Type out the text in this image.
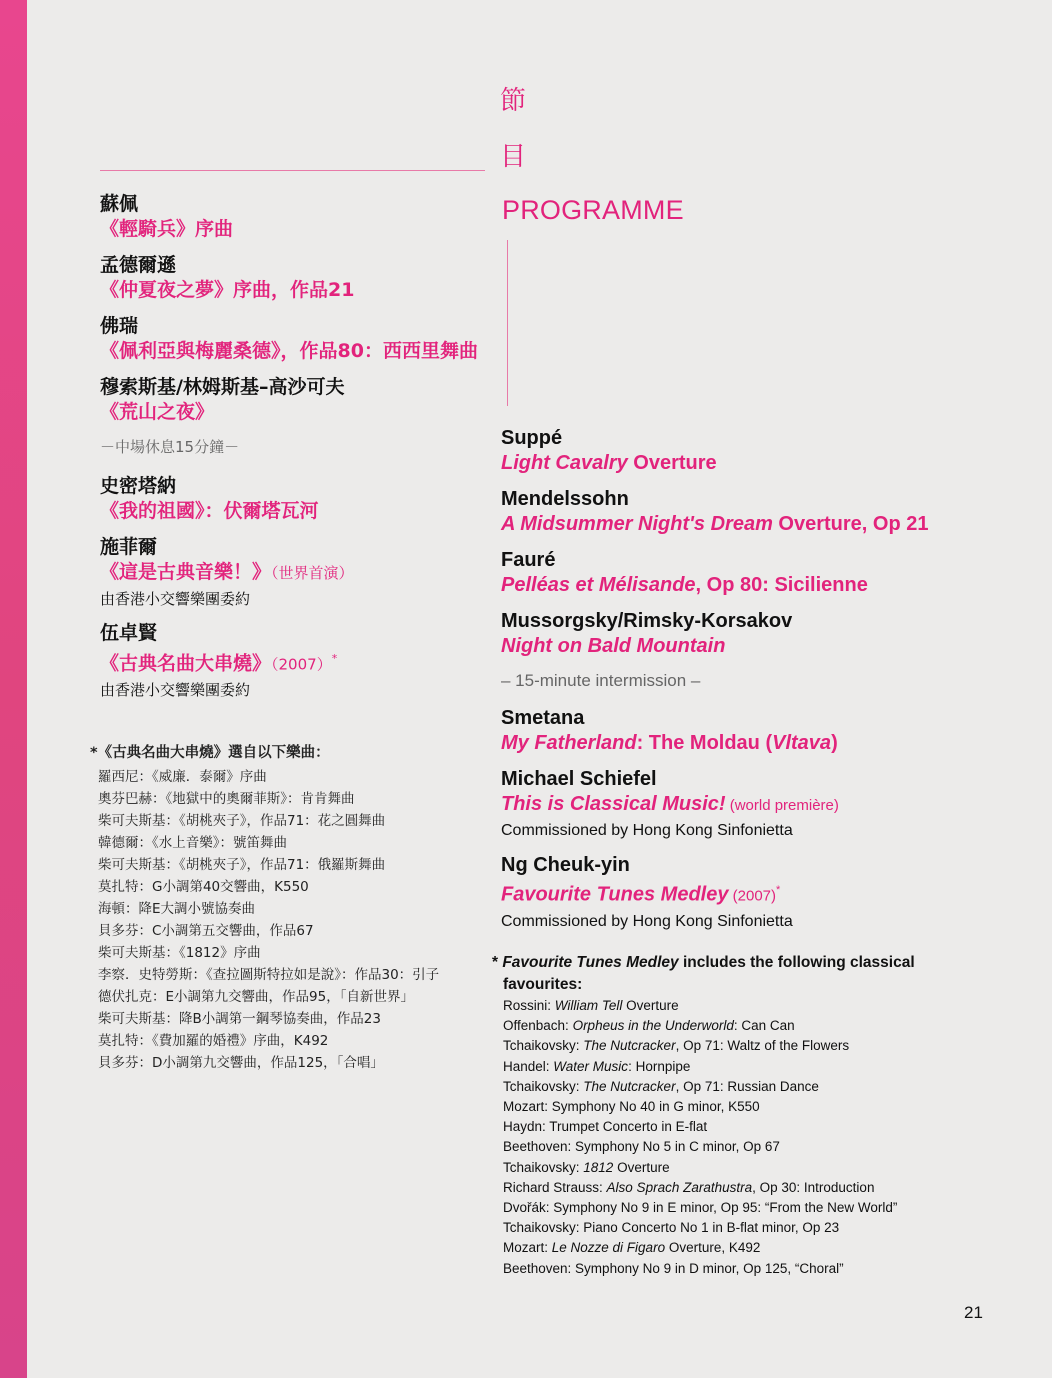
節
目
PROGRAMME
蘇佩
《輕騎兵》序曲
孟德爾遜
《仲夏夜之夢》序曲，作品21
佛瑞
《佩利亞與梅麗桑德》，作品80：西西里舞曲
穆索斯基/林姆斯基–高沙可夫
《荒山之夜》
－中場休息15分鐘－
史密塔納
《我的祖國》：伏爾塔瓦河
施菲爾
《這是古典音樂！》（世界首演）
由香港小交響樂團委約
伍卓賢
《古典名曲大串燒》（2007）*
由香港小交響樂團委約
*《古典名曲大串燒》選自以下樂曲：
羅西尼：《威廉．泰爾》序曲
奧芬巴赫：《地獄中的奧爾菲斯》：肯肯舞曲
柴可夫斯基：《胡桃夾子》，作品71：花之圓舞曲
韓德爾：《水上音樂》：號笛舞曲
柴可夫斯基：《胡桃夾子》，作品71：俄羅斯舞曲
莫扎特：G小調第40交響曲，K550
海頓：降E大調小號協奏曲
貝多芬：C小調第五交響曲，作品67
柴可夫斯基：《1812》序曲
李察．史特勞斯：《查拉圖斯特拉如是說》：作品30：引子
德伏扎克：E小調第九交響曲，作品95，「自新世界」
柴可夫斯基：降B小調第一鋼琴協奏曲，作品23
莫扎特：《費加羅的婚禮》序曲，K492
貝多芬：D小調第九交響曲，作品125，「合唱」
Suppé
Light Cavalry Overture
Mendelssohn
A Midsummer Night's Dream Overture, Op 21
Fauré
Pelléas et Mélisande, Op 80: Sicilienne
Mussorgsky/Rimsky-Korsakov
Night on Bald Mountain
– 15-minute intermission –
Smetana
My Fatherland: The Moldau (Vltava)
Michael Schiefel
This is Classical Music! (world première)
Commissioned by Hong Kong Sinfonietta
Ng Cheuk-yin
Favourite Tunes Medley (2007)*
Commissioned by Hong Kong Sinfonietta
* Favourite Tunes Medley includes the following classical
favourites:
Rossini: William Tell Overture
Offenbach: Orpheus in the Underworld: Can Can
Tchaikovsky: The Nutcracker, Op 71: Waltz of the Flowers
Handel: Water Music: Hornpipe
Tchaikovsky: The Nutcracker, Op 71: Russian Dance
Mozart: Symphony No 40 in G minor, K550
Haydn: Trumpet Concerto in E-flat
Beethoven: Symphony No 5 in C minor, Op 67
Tchaikovsky: 1812 Overture
Richard Strauss: Also Sprach Zarathustra, Op 30: Introduction
Dvořák: Symphony No 9 in E minor, Op 95: “From the New World”
Tchaikovsky: Piano Concerto No 1 in B-flat minor, Op 23
Mozart: Le Nozze di Figaro Overture, K492
Beethoven: Symphony No 9 in D minor, Op 125, “Choral”
21
